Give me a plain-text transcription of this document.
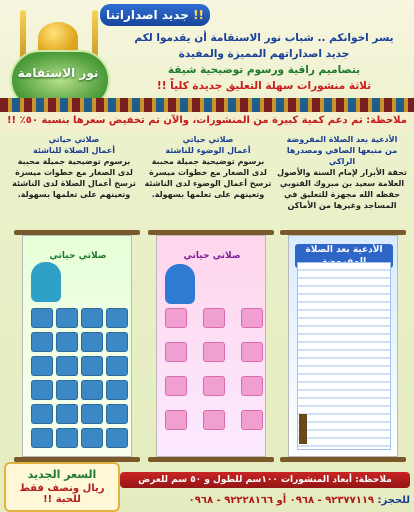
نور الاستقامة
جديد اصداراتنا !!
يسر اخوانكم .. شباب نور الاستقامة أن يقدموا لكم
جديد اصداراتهم المميزة والمفيدة
بتصاميم راقية ورسوم توضيحية شيقة
ثلاثة منشورات سهلة التعليق جديدة كلياً !!
ملاحظة: تم دعم كمية كبيرة من المنشورات، والآن تم تخفيض سعرها بنسبة ٥٠٪ !!
الأدعية بعد الصلاة المفروضة
من منبعها الصافي ومصدرها الراكي
تحقة الأبرار لإمام السنة والأصول العلامة سعيد بن مبروك القنوبي حفظه الله مجهزة للتعليق في المساجد وغيرها من الأماكن
صلاتي حياتي
أعمال الوضوء للناشئة
برسوم توضيحية جميلة محببة لدى الصغار مع خطوات ميسرة ترسخ أعمال الوضوء لدى الناشئة وتعينهم على تعلمها بسهولة.
صلاتي حياتي
أعمال الصلاة للناشئة
برسوم توضيحية جميلة محببة لدى الصغار مع خطوات ميسرة ترسخ أعمال الصلاة لدى الناشئة وتعينهم على تعلمها بسهولة.
الأدعية بعد الصلاة
صلاتي حياتي
صلاتي حياتي
السعر الجديد
ريال ونصف فقط للحبة !!
ملاحظة: أبعاد المنشورات ١٠٠سم للطول و ٥٠ سم للعرض
للحجز: ٩٢٣٧٧١١٩ - ٠٩٦٨ أو ٩٢٢٢٨١٦٦ - ٠٩٦٨
